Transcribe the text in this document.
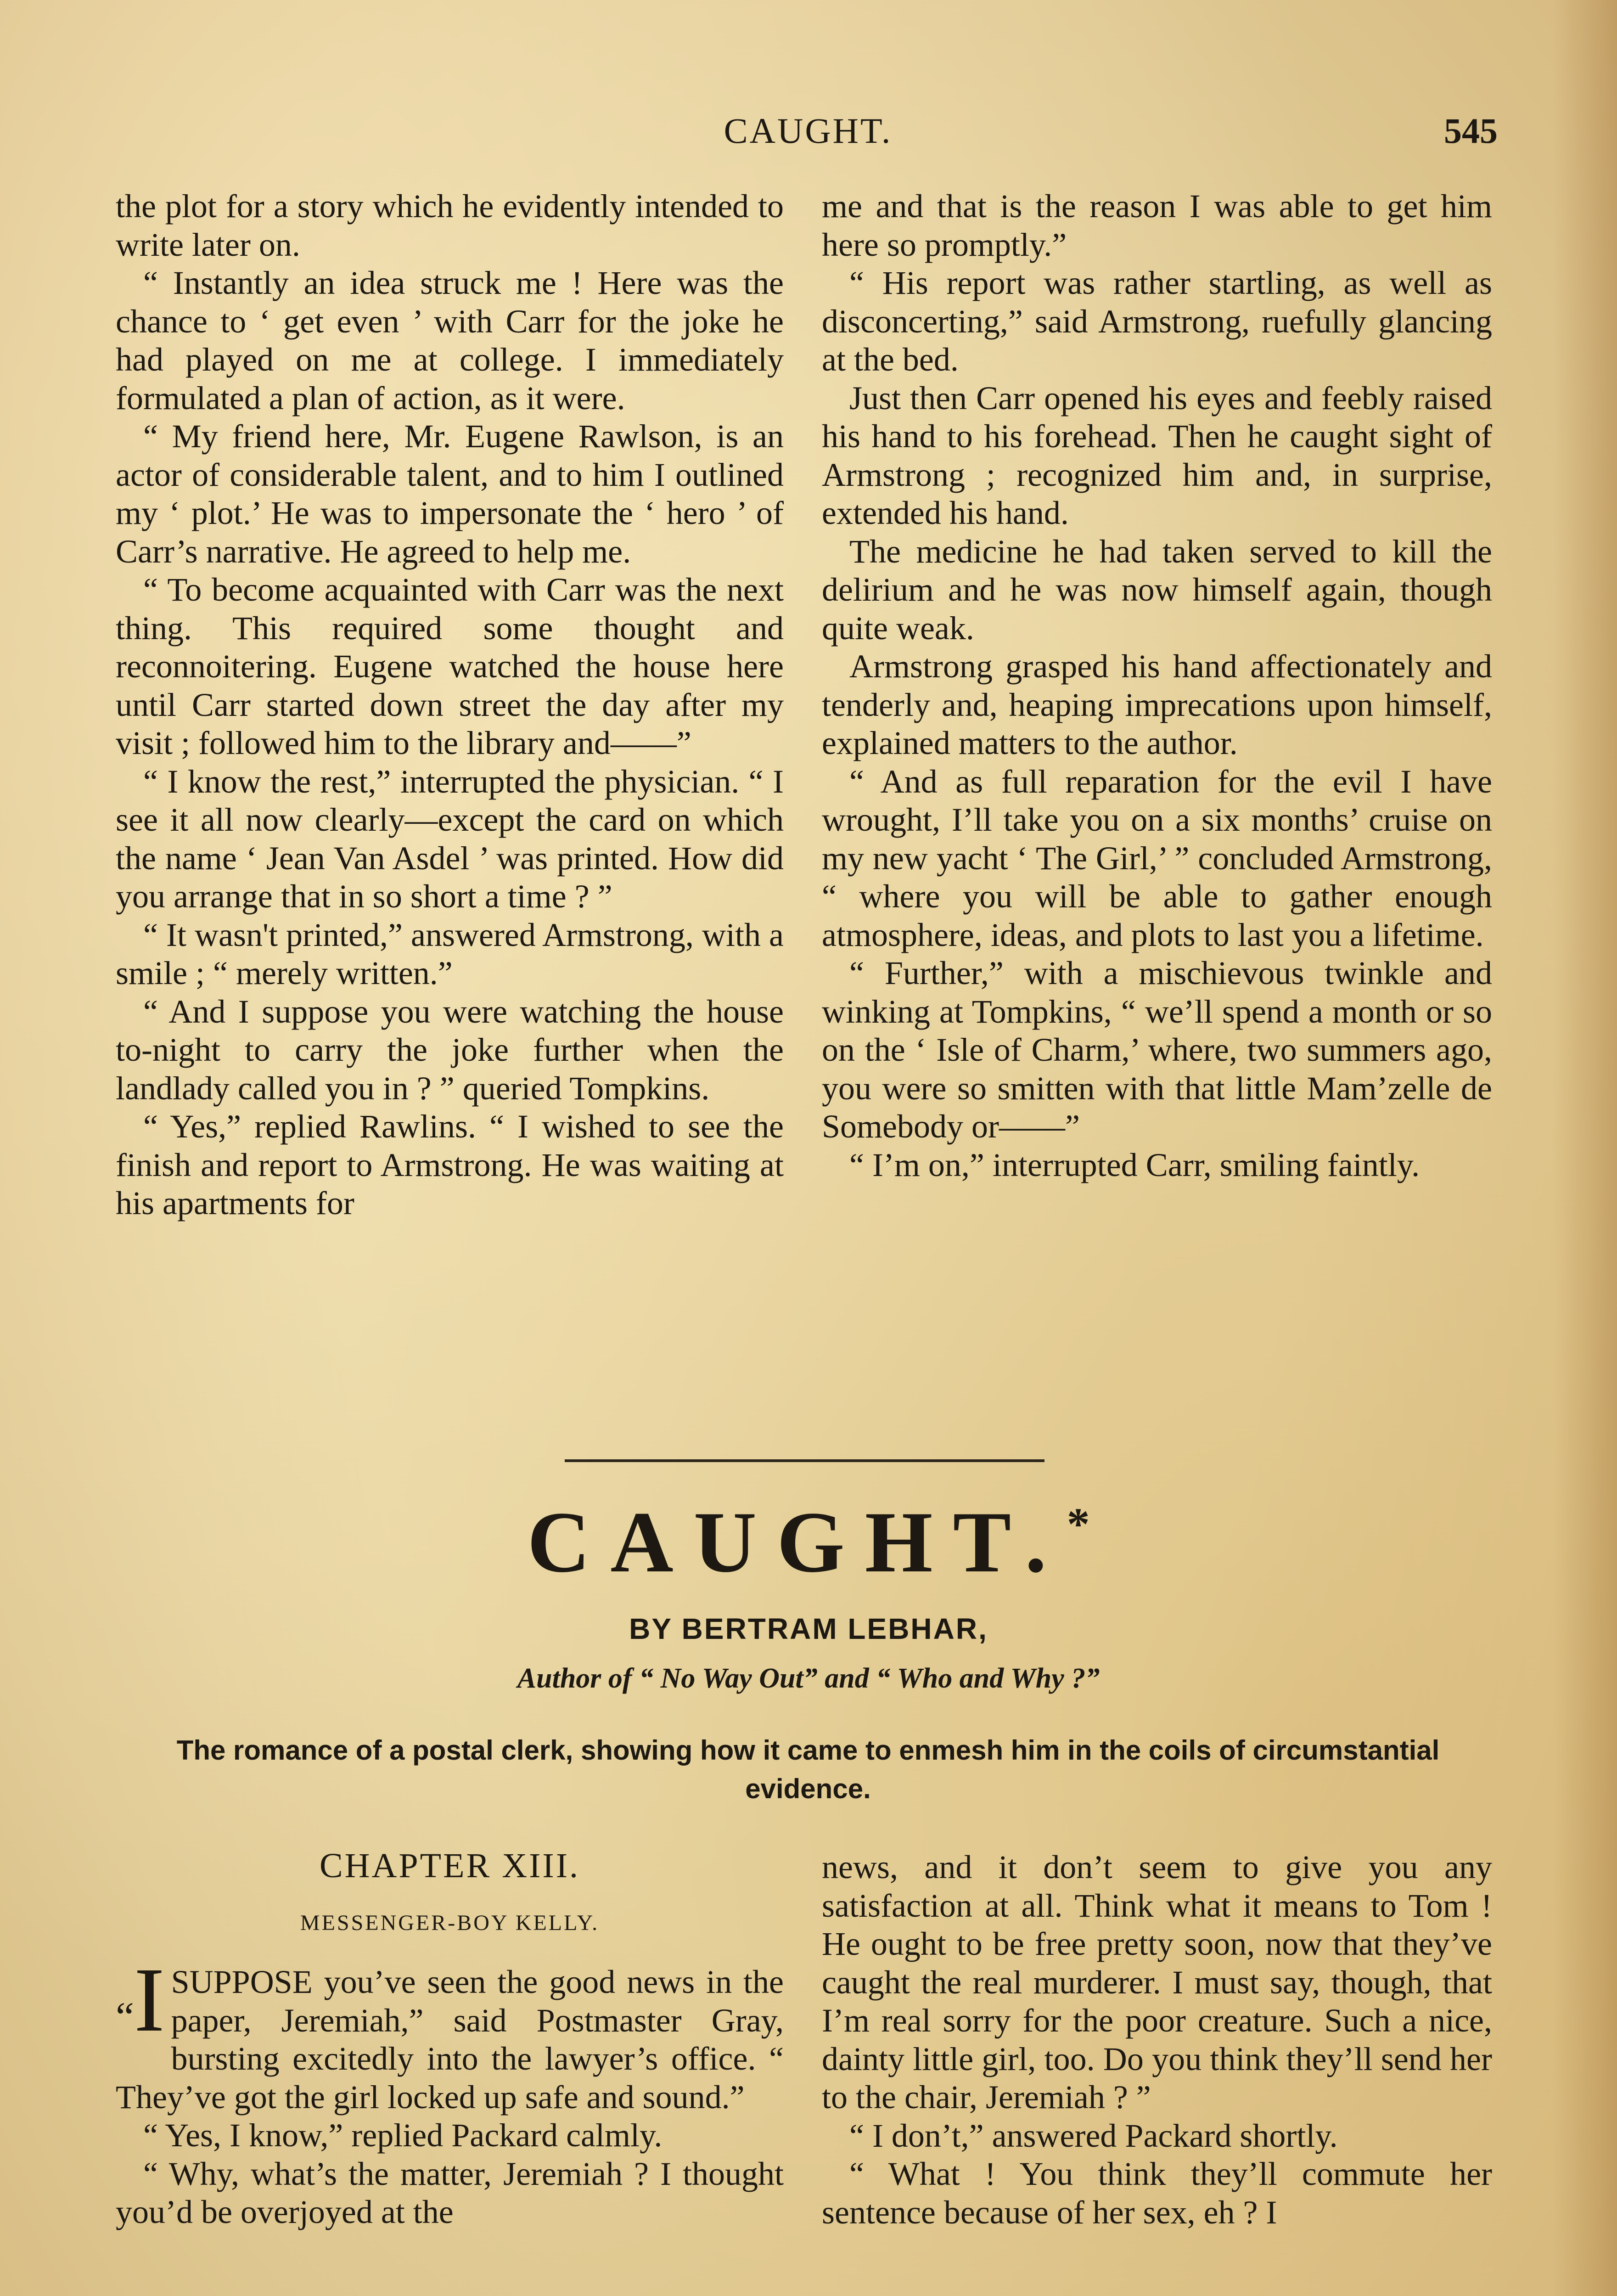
CAUGHT.	545

the plot for a story which he evidently intended to write later on.

“ Instantly an idea struck me ! Here was the chance to ‘ get even ’ with Carr for the joke he had played on me at college. I immediately formulated a plan of action, as it were.

“ My friend here, Mr. Eugene Rawlson, is an actor of considerable talent, and to him I outlined my ‘ plot.’ He was to impersonate the ‘ hero ’ of Carr’s narrative. He agreed to help me.

“ To become acquainted with Carr was the next thing. This required some thought and reconnoitering. Eugene watched the house here until Carr started down street the day after my visit ; followed him to the library and——”

“ I know the rest,” interrupted the physician. “ I see it all now clearly—except the card on which the name ‘ Jean Van Asdel ’ was printed. How did you arrange that in so short a time ? ”

“ It wasn't printed,” answered Armstrong, with a smile ; “ merely written.”

“ And I suppose you were watching the house to-night to carry the joke further when the landlady called you in ? ” queried Tompkins.

“ Yes,” replied Rawlins. “ I wished to see the finish and report to Armstrong. He was waiting at his apartments for

me and that is the reason I was able to get him here so promptly.”

“ His report was rather startling, as well as disconcerting,” said Armstrong, ruefully glancing at the bed.

Just then Carr opened his eyes and feebly raised his hand to his forehead. Then he caught sight of Armstrong ; recognized him and, in surprise, extended his hand.

The medicine he had taken served to kill the delirium and he was now himself again, though quite weak.

Armstrong grasped his hand affectionately and tenderly and, heaping imprecations upon himself, explained matters to the author.

“ And as full reparation for the evil I have wrought, I’ll take you on a six months’ cruise on my new yacht ‘ The Girl,’ ” concluded Armstrong, “ where you will be able to gather enough atmosphere, ideas, and plots to last you a lifetime.

“ Further,” with a mischievous twinkle and winking at Tompkins, “ we’ll spend a month or so on the ‘ Isle of Charm,’ where, two summers ago, you were so smitten with that little Mam’zelle de Somebody or——”

“ I’m on,” interrupted Carr, smiling faintly.

CAUGHT.*
BY BERTRAM LEBHAR,
Author of “ No Way Out” and “ Who and Why ?”
The romance of a postal clerk, showing how it came to enmesh him in the coils of circumstantial evidence.
CHAPTER XIII.
MESSENGER-BOY KELLY.

“I SUPPOSE you’ve seen the good news in the paper, Jeremiah,” said Postmaster Gray, bursting excitedly into the lawyer’s office. “ They’ve got the girl locked up safe and sound.”

“ Yes, I know,” replied Packard calmly.

“ Why, what’s the matter, Jeremiah ? I thought you’d be overjoyed at the

news, and it don’t seem to give you any satisfaction at all. Think what it means to Tom ! He ought to be free pretty soon, now that they’ve caught the real murderer. I must say, though, that I’m real sorry for the poor creature. Such a nice, dainty little girl, too. Do you think they’ll send her to the chair, Jeremiah ? ”

“ I don’t,” answered Packard shortly.

“ What ! You think they’ll commute her sentence because of her sex, eh ? I
